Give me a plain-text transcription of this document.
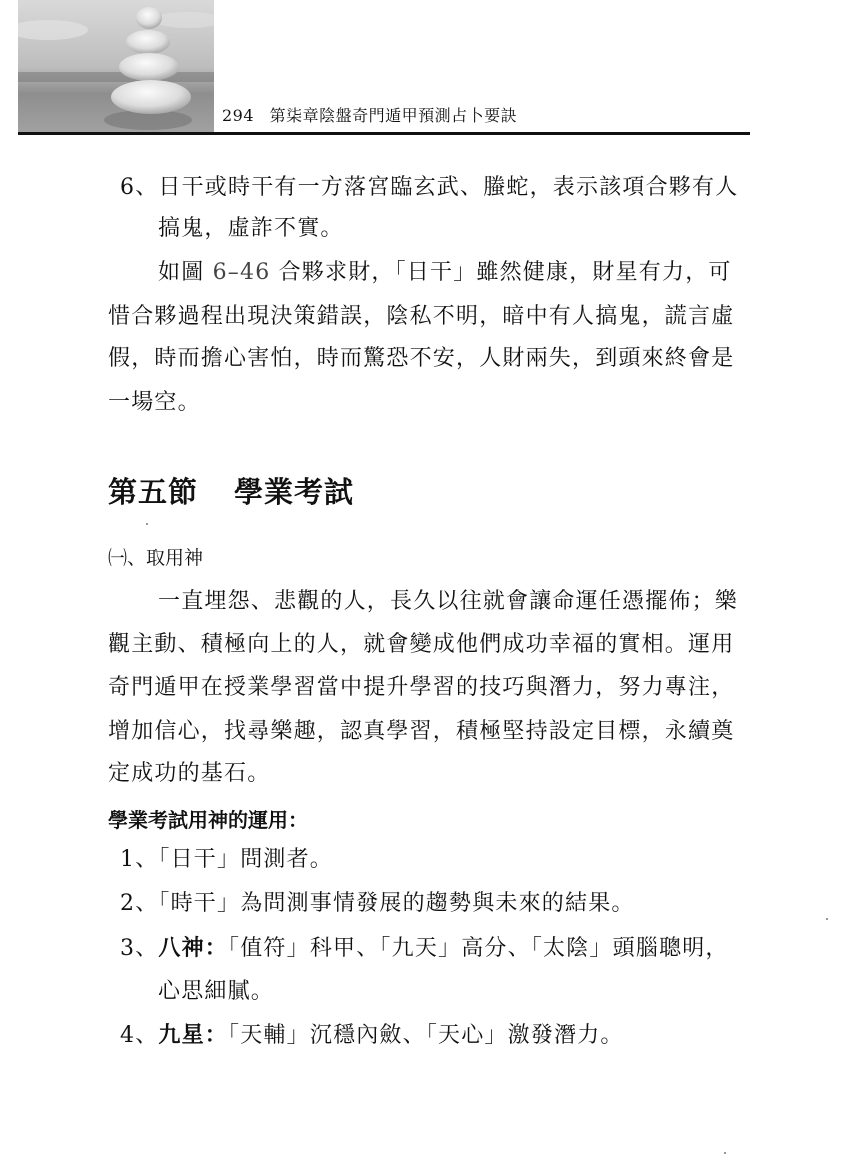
294 第柒章陰盤奇門遁甲預測占卜要訣
6、日干或時干有一方落宮臨玄武、螣蛇，表示該項合夥有人
搞鬼，虛詐不實。
如圖 6–46 合夥求財，「日干」雖然健康，財星有力，可
惜合夥過程出現決策錯誤，陰私不明，暗中有人搞鬼，謊言虛
假，時而擔心害怕，時而驚恐不安，人財兩失，到頭來終會是
一場空。
第五節 學業考試
㈠、取用神
一直埋怨、悲觀的人，長久以往就會讓命運任憑擺佈；樂
觀主動、積極向上的人，就會變成他們成功幸福的實相。運用
奇門遁甲在授業學習當中提升學習的技巧與潛力，努力專注，
增加信心，找尋樂趣，認真學習，積極堅持設定目標，永續奠
定成功的基石。
學業考試用神的運用：
1、「日干」問測者。
2、「時干」為問測事情發展的趨勢與未來的結果。
3、八神：「值符」科甲、「九天」高分、「太陰」頭腦聰明，
心思細膩。
4、九星：「天輔」沉穩內斂、「天心」激發潛力。
